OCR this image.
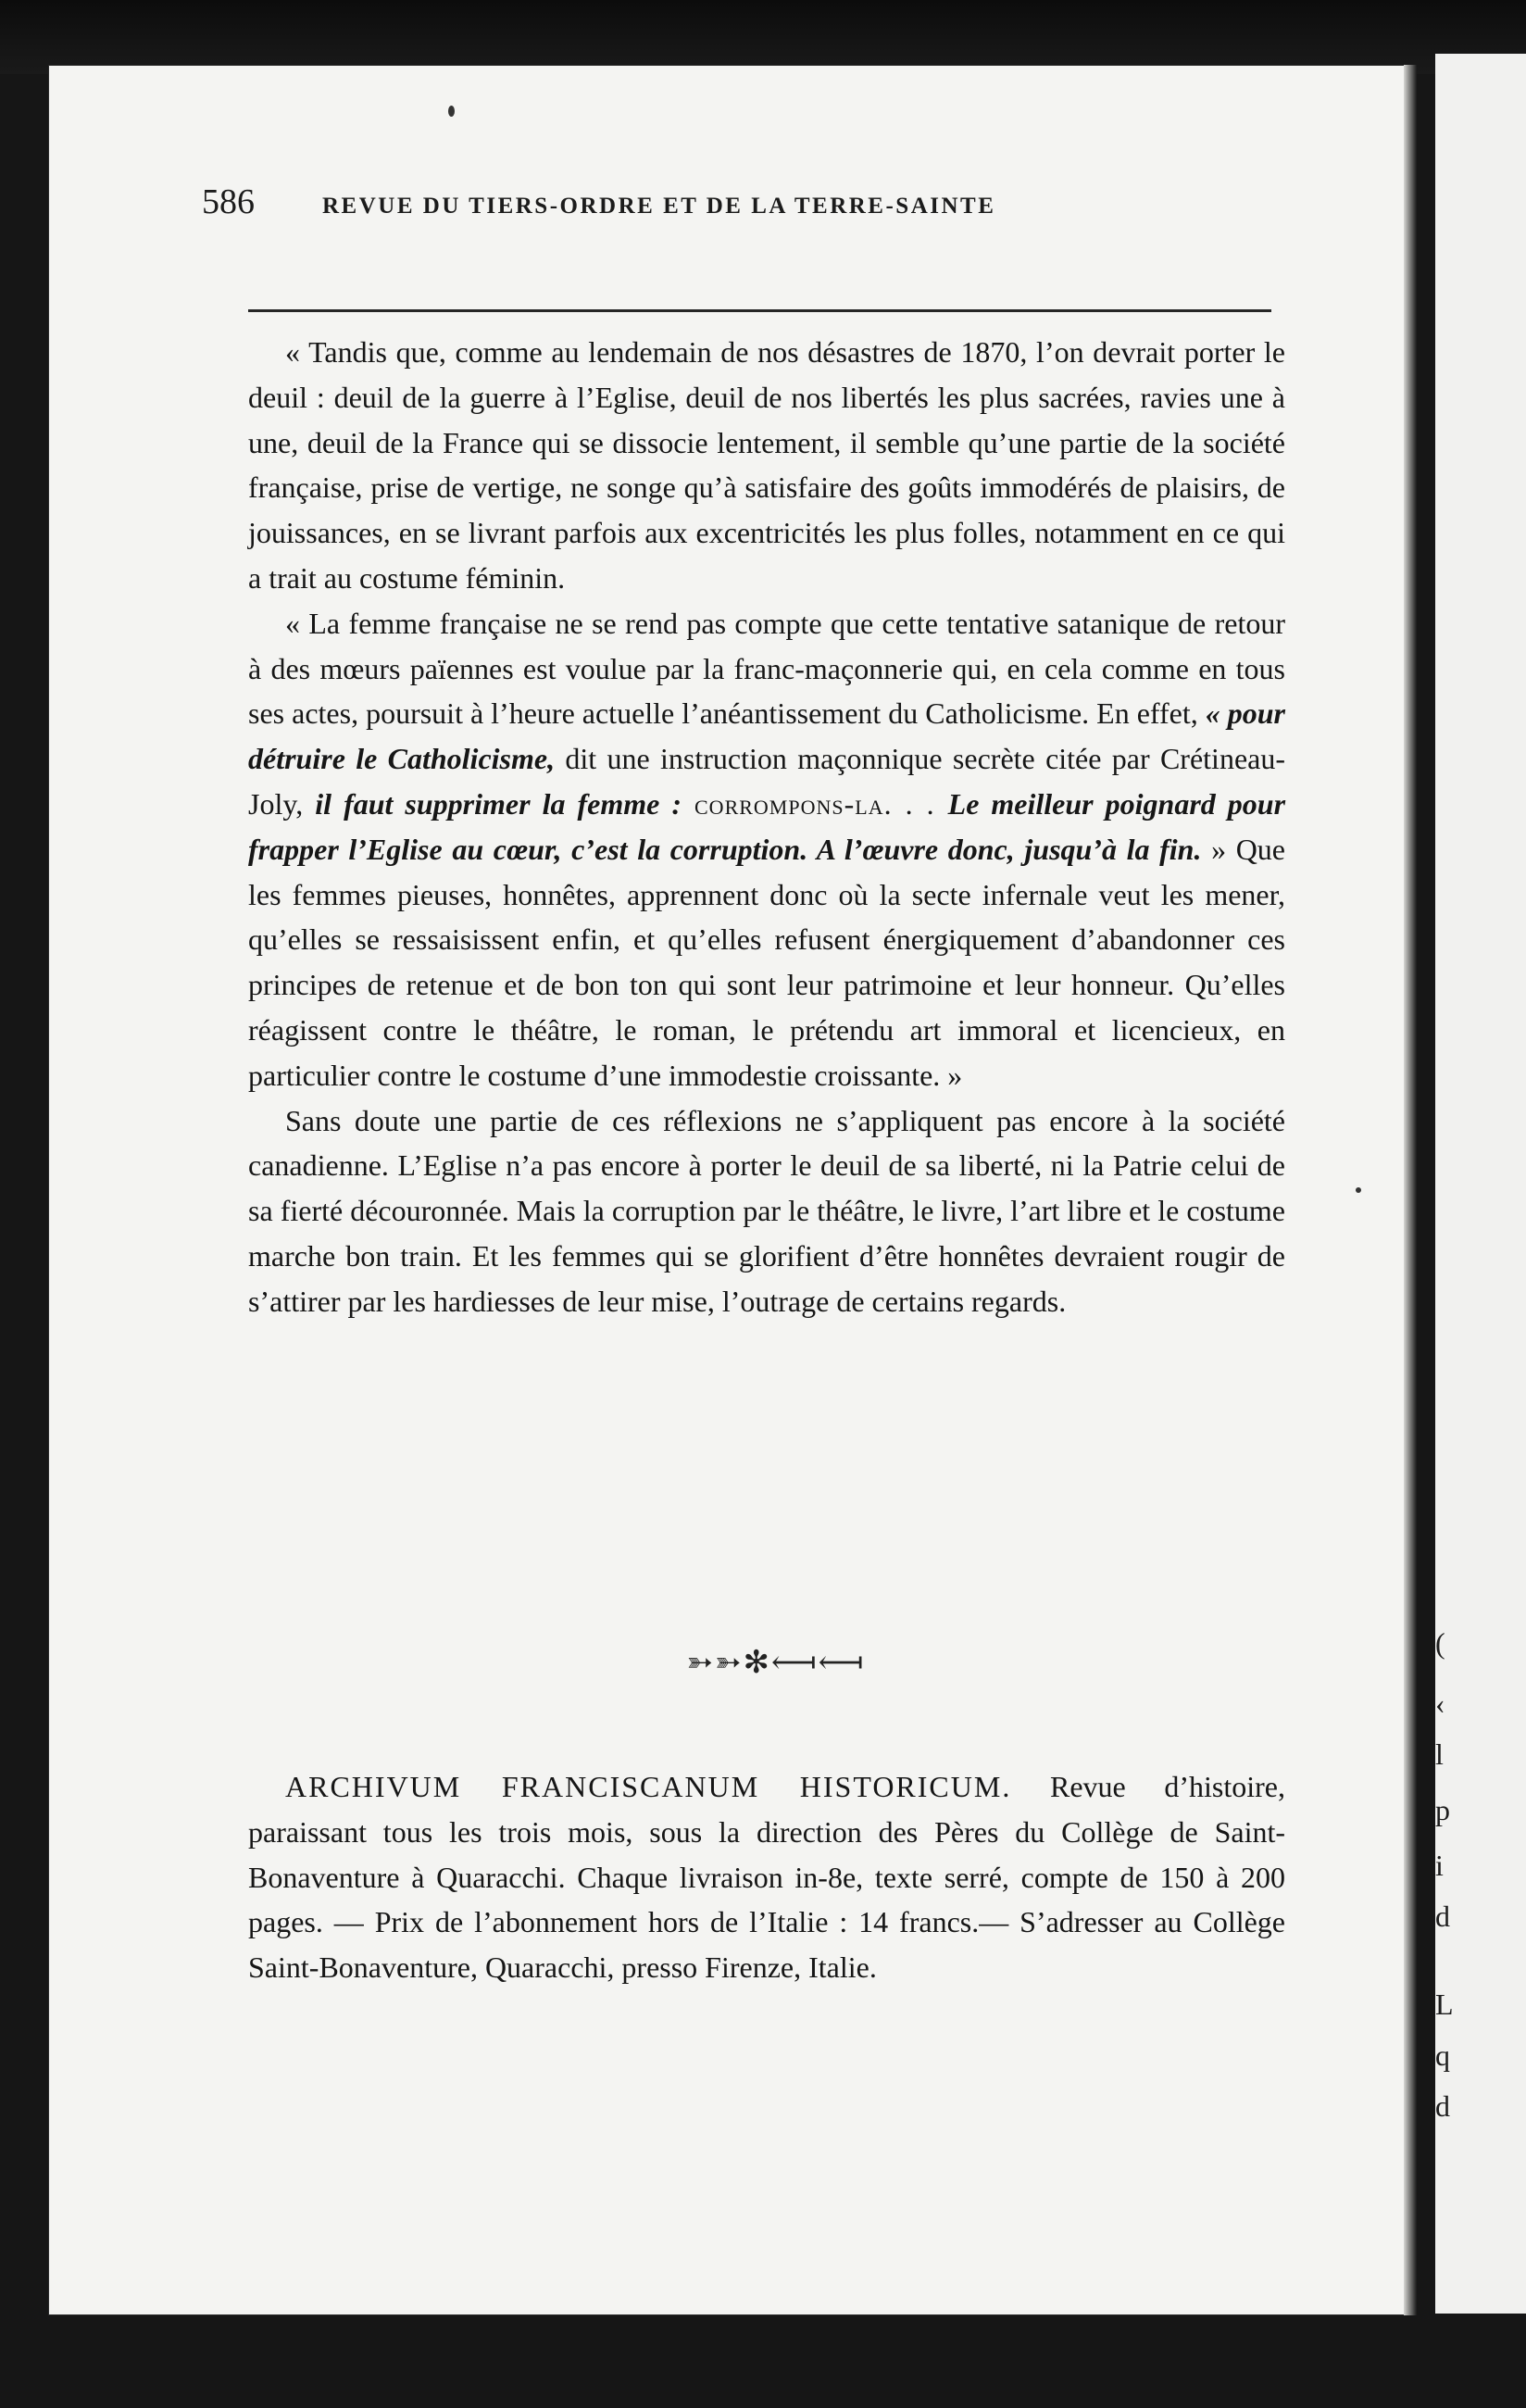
(
‹
l
p
i
d
L
q
d
586	REVUE DU TIERS-ORDRE ET DE LA TERRE-SAINTE

« Tandis que, comme au lendemain de nos désastres de 1870, l’on devrait porter le deuil : deuil de la guerre à l’Eglise, deuil de nos libertés les plus sacrées, ravies une à une, deuil de la France qui se dissocie lentement, il semble qu’une partie de la société française, prise de vertige, ne songe qu’à satisfaire des goûts immodérés de plaisirs, de jouissances, en se livrant parfois aux excentricités les plus folles, notamment en ce qui a trait au costume féminin.

« La femme française ne se rend pas compte que cette tentative satanique de retour à des mœurs païennes est voulue par la franc-maçonnerie qui, en cela comme en tous ses actes, poursuit à l’heure actuelle l’anéantissement du Catholicisme. En effet, « pour détruire le Catholicisme, dit une instruction maçonnique secrète citée par Crétineau-Joly, il faut supprimer la femme : corrompons-la. . . Le meilleur poignard pour frapper l’Eglise au cœur, c’est la corruption. A l’œuvre donc, jusqu’à la fin. » Que les femmes pieuses, honnêtes, apprennent donc où la secte infernale veut les mener, qu’elles se ressaisissent enfin, et qu’elles refusent énergiquement d’abandonner ces principes de retenue et de bon ton qui sont leur patrimoine et leur honneur. Qu’elles réagissent contre le théâtre, le roman, le prétendu art immoral et licencieux, en particulier contre le costume d’une immodestie croissante. »

Sans doute une partie de ces réflexions ne s’appliquent pas encore à la société canadienne. L’Eglise n’a pas encore à porter le deuil de sa liberté, ni la Patrie celui de sa fierté découronnée. Mais la corruption par le théâtre, le livre, l’art libre et le costume marche bon train. Et les femmes qui se glorifient d’être honnêtes devraient rougir de s’attirer par les hardiesses de leur mise, l’outrage de certains regards.

➳➳✻⟻⟻

ARCHIVUM FRANCISCANUM HISTORICUM. Revue d’histoire, paraissant tous les trois mois, sous la direction des Pères du Collège de Saint-Bonaventure à Quaracchi. Chaque livraison in-8e, texte serré, compte de 150 à 200 pages. — Prix de l’abonnement hors de l’Italie : 14 francs.— S’adresser au Collège Saint-Bonaventure, Quaracchi, presso Firenze, Italie.
